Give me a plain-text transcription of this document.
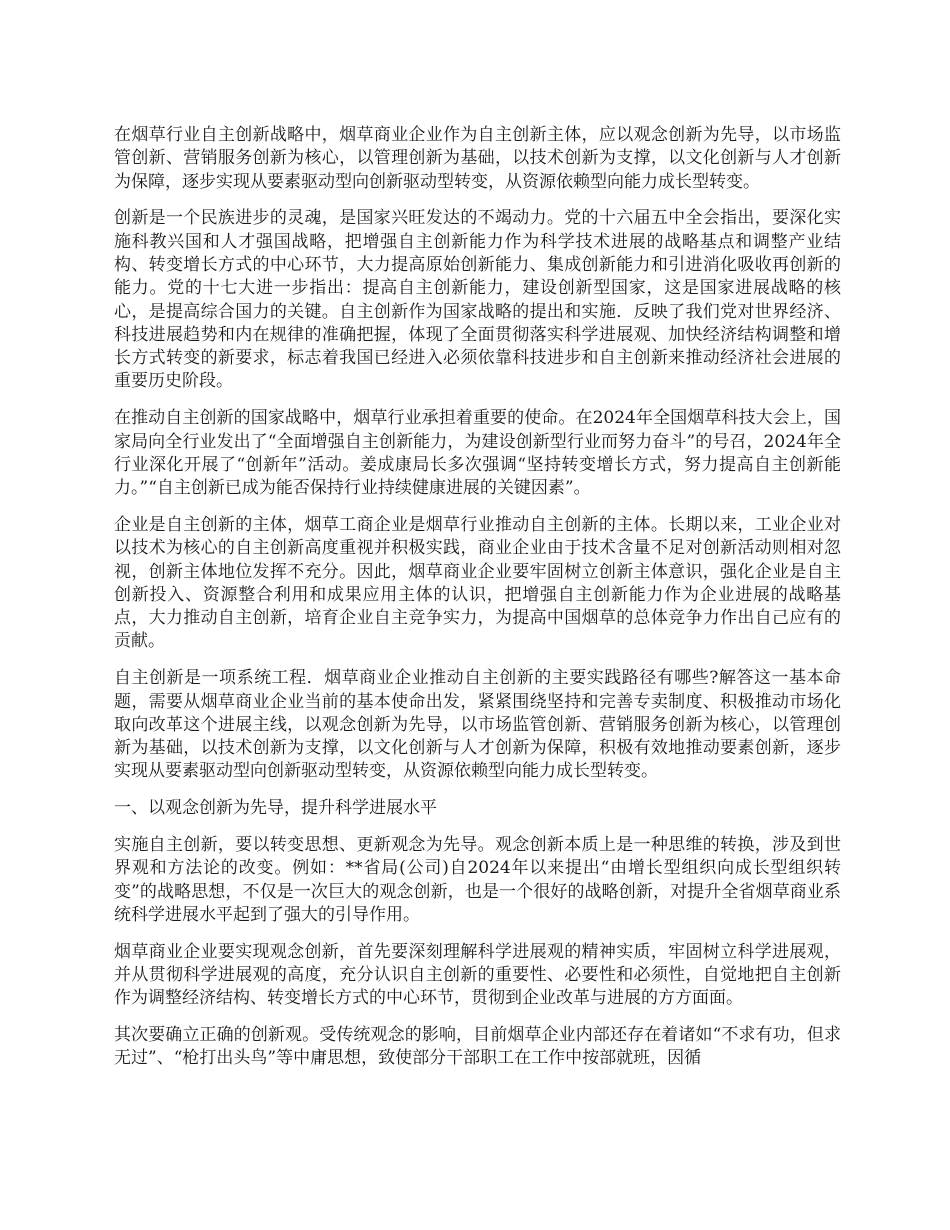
在烟草行业自主创新战略中，烟草商业企业作为自主创新主体，应以观念创新为先导，以市场监管创新、营销服务创新为核心，以管理创新为基础，以技术创新为支撑，以文化创新与人才创新为保障，逐步实现从要素驱动型向创新驱动型转变，从资源依赖型向能力成长型转变。

创新是一个民族进步的灵魂，是国家兴旺发达的不竭动力。党的十六届五中全会指出，要深化实施科教兴国和人才强国战略，把增强自主创新能力作为科学技术进展的战略基点和调整产业结构、转变增长方式的中心环节，大力提高原始创新能力、集成创新能力和引进消化吸收再创新的能力。党的十七大进一步指出：提高自主创新能力，建设创新型国家，这是国家进展战略的核心，是提高综合国力的关键。自主创新作为国家战略的提出和实施．反映了我们党对世界经济、科技进展趋势和内在规律的准确把握，体现了全面贯彻落实科学进展观、加快经济结构调整和增长方式转变的新要求，标志着我国已经进入必须依靠科技进步和自主创新来推动经济社会进展的重要历史阶段。

在推动自主创新的国家战略中，烟草行业承担着重要的使命。在2024年全国烟草科技大会上，国家局向全行业发出了“全面增强自主创新能力，为建设创新型行业而努力奋斗”的号召，2024年全行业深化开展了“创新年”活动。姜成康局长多次强调“坚持转变增长方式，努力提高自主创新能力。”“自主创新已成为能否保持行业持续健康进展的关键因素”。

企业是自主创新的主体，烟草工商企业是烟草行业推动自主创新的主体。长期以来，工业企业对以技术为核心的自主创新高度重视并积极实践，商业企业由于技术含量不足对创新活动则相对忽视，创新主体地位发挥不充分。因此，烟草商业企业要牢固树立创新主体意识，强化企业是自主创新投入、资源整合利用和成果应用主体的认识，把增强自主创新能力作为企业进展的战略基点，大力推动自主创新，培育企业自主竞争实力，为提高中国烟草的总体竞争力作出自己应有的贡献。

自主创新是一项系统工程．烟草商业企业推动自主创新的主要实践路径有哪些?解答这一基本命题，需要从烟草商业企业当前的基本使命出发，紧紧围绕坚持和完善专卖制度、积极推动市场化取向改革这个进展主线，以观念创新为先导，以市场监管创新、营销服务创新为核心，以管理创新为基础，以技术创新为支撑，以文化创新与人才创新为保障，积极有效地推动要素创新，逐步实现从要素驱动型向创新驱动型转变，从资源依赖型向能力成长型转变。

一、以观念创新为先导，提升科学进展水平

实施自主创新，要以转变思想、更新观念为先导。观念创新本质上是一种思维的转换，涉及到世界观和方法论的改变。例如：**省局(公司)自2024年以来提出“由增长型组织向成长型组织转变”的战略思想，不仅是一次巨大的观念创新，也是一个很好的战略创新，对提升全省烟草商业系统科学进展水平起到了强大的引导作用。

烟草商业企业要实现观念创新，首先要深刻理解科学进展观的精神实质，牢固树立科学进展观，并从贯彻科学进展观的高度，充分认识自主创新的重要性、必要性和必须性，自觉地把自主创新作为调整经济结构、转变增长方式的中心环节，贯彻到企业改革与进展的方方面面。

其次要确立正确的创新观。受传统观念的影响，目前烟草企业内部还存在着诸如“不求有功，但求无过”、“枪打出头鸟”等中庸思想，致使部分干部职工在工作中按部就班，因循
